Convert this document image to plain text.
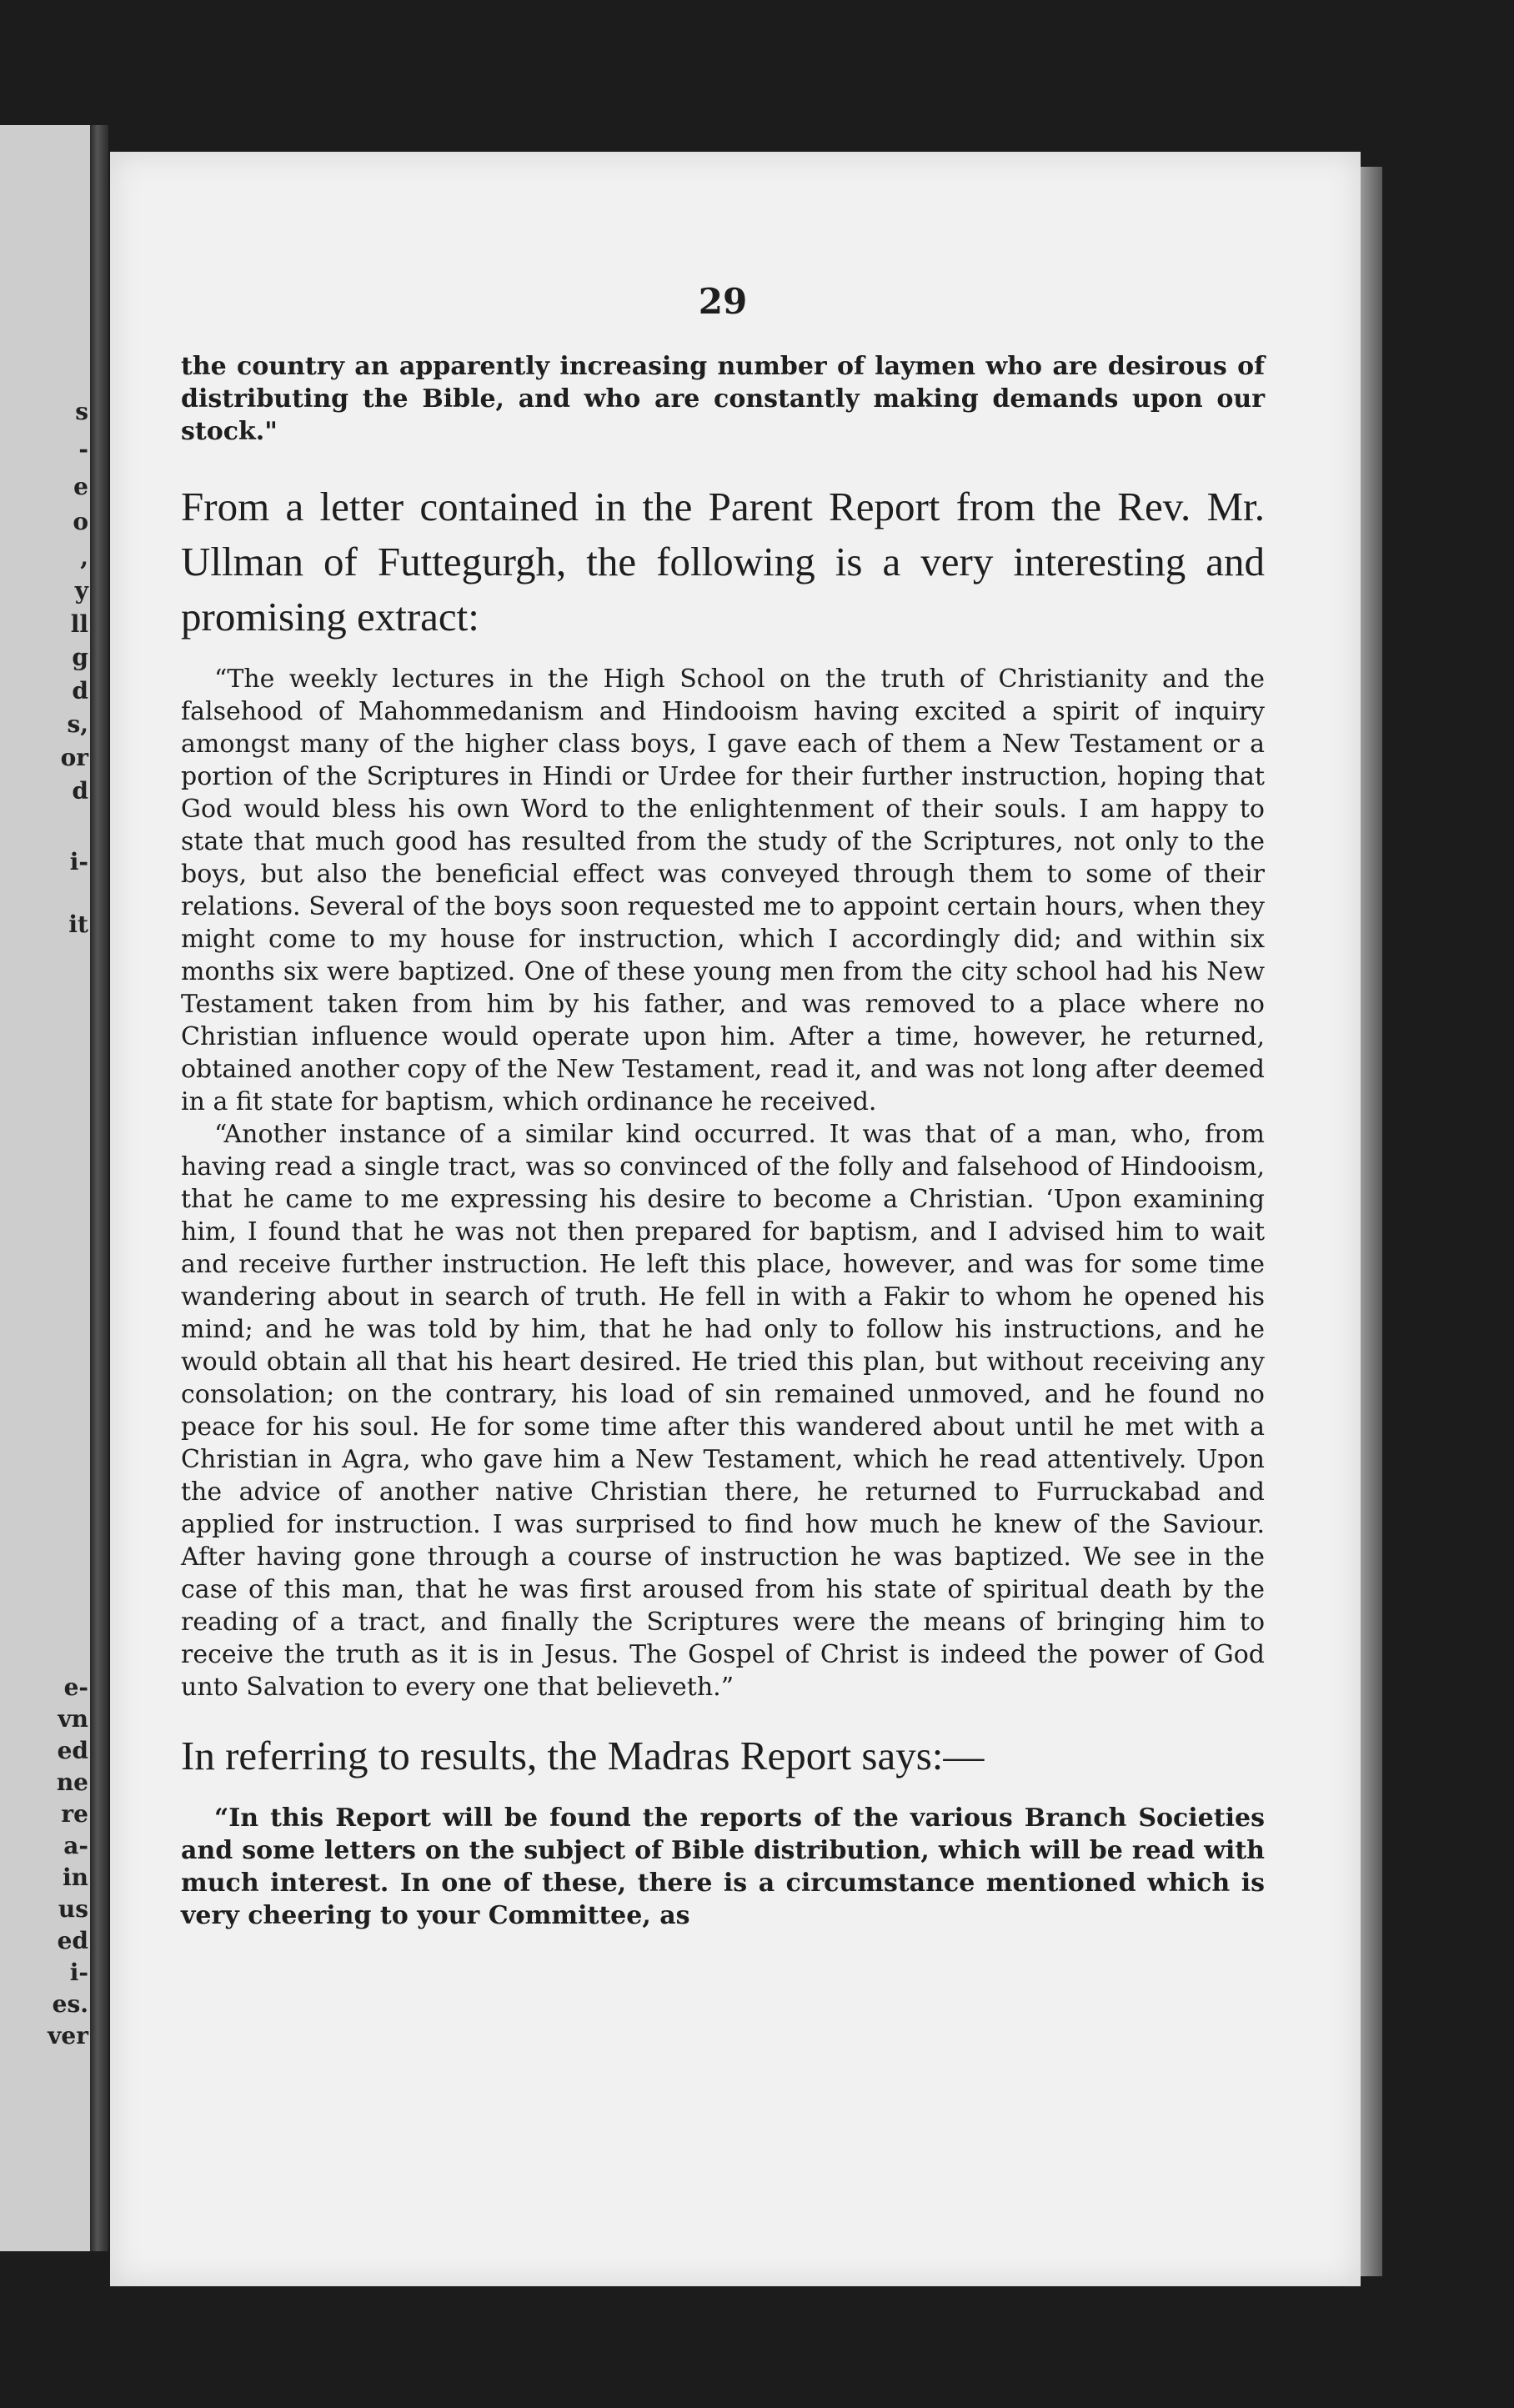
s
-
e
o
,
y
ll
g
d
s,
or
d
i-
it
e-
vn
ed
ne
re
a-
in
us
ed
i-
es.
ver
29

the country an apparently increasing number of laymen who are desirous of distributing the Bible, and who are constantly making demands upon our stock."

From a letter contained in the Parent Report from the Rev. Mr. Ullman of Futtegurgh, the following is a very interesting and promising extract:

“The weekly lectures in the High School on the truth of Christianity and the falsehood of Mahommedanism and Hindooism having excited a spirit of inquiry amongst many of the higher class boys, I gave each of them a New Testament or a portion of the Scriptures in Hindi or Urdee for their further instruction, hoping that God would bless his own Word to the enlightenment of their souls. I am happy to state that much good has resulted from the study of the Scriptures, not only to the boys, but also the beneficial effect was conveyed through them to some of their relations. Several of the boys soon requested me to appoint certain hours, when they might come to my house for instruction, which I accordingly did; and within six months six were baptized. One of these young men from the city school had his New Testament taken from him by his father, and was removed to a place where no Christian influence would operate upon him. After a time, however, he returned, obtained another copy of the New Testament, read it, and was not long after deemed in a fit state for baptism, which ordinance he received.

“Another instance of a similar kind occurred. It was that of a man, who, from having read a single tract, was so convinced of the folly and falsehood of Hindooism, that he came to me expressing his desire to become a Christian. ‘Upon examining him, I found that he was not then prepared for baptism, and I advised him to wait and receive further instruction. He left this place, however, and was for some time wandering about in search of truth. He fell in with a Fakir to whom he opened his mind; and he was told by him, that he had only to follow his instructions, and he would obtain all that his heart desired. He tried this plan, but without receiving any consolation; on the contrary, his load of sin remained unmoved, and he found no peace for his soul. He for some time after this wandered about until he met with a Christian in Agra, who gave him a New Testament, which he read attentively. Upon the advice of another native Christian there, he returned to Furruckabad and applied for instruction. I was surprised to find how much he knew of the Saviour. After having gone through a course of instruction he was baptized. We see in the case of this man, that he was first aroused from his state of spiritual death by the reading of a tract, and finally the Scriptures were the means of bringing him to receive the truth as it is in Jesus. The Gospel of Christ is indeed the power of God unto Salvation to every one that believeth.”

In referring to results, the Madras Report says:—

“In this Report will be found the reports of the various Branch Societies and some letters on the subject of Bible distribution, which will be read with much interest. In one of these, there is a circumstance mentioned which is very cheering to your Committee, as
